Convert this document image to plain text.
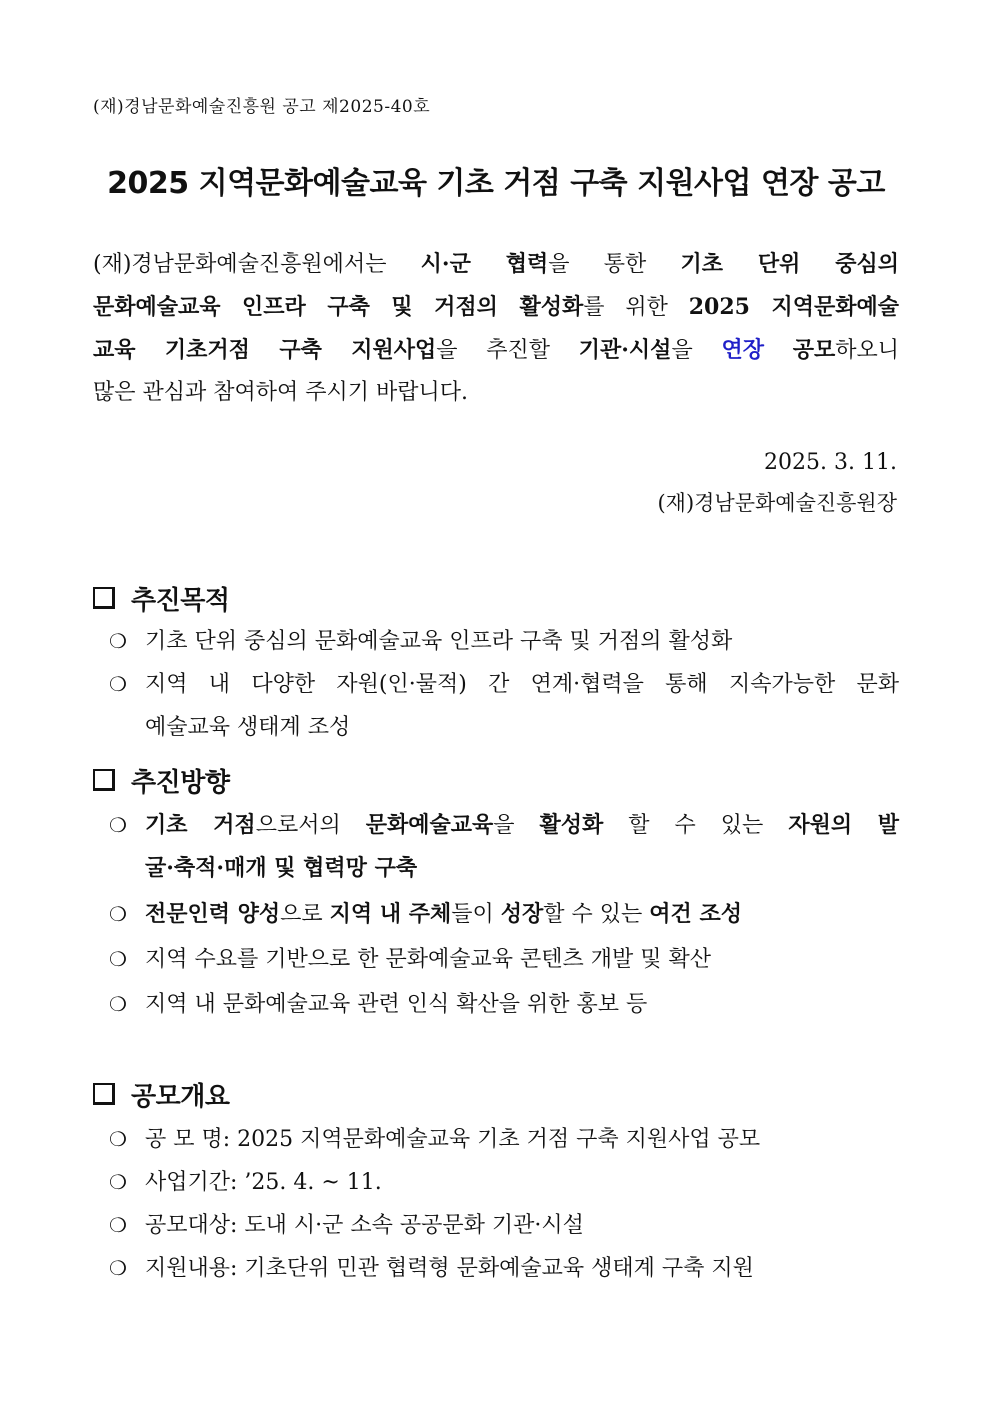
(재)경남문화예술진흥원 공고 제2025-40호
2025 지역문화예술교육 기초 거점 구축 지원사업 연장 공고
(재)경남문화예술진흥원에서는 시·군 협력을 통한 기초 단위 중심의
문화예술교육 인프라 구축 및 거점의 활성화를 위한 2025 지역문화예술
교육 기초거점 구축 지원사업을 추진할 기관·시설을 연장 공모하오니
많은 관심과 참여하여 주시기 바랍니다.
2025. 3. 11.
(재)경남문화예술진흥원장
추진목적
❍ 기초 단위 중심의 문화예술교육 인프라 구축 및 거점의 활성화
❍ 지역 내 다양한 자원(인·물적) 간 연계·협력을 통해 지속가능한 문화
예술교육 생태계 조성
추진방향
❍ 기초 거점으로서의 문화예술교육을 활성화 할 수 있는 자원의 발
굴·축적·매개 및 협력망 구축
❍ 전문인력 양성으로 지역 내 주체들이 성장할 수 있는 여건 조성
❍ 지역 수요를 기반으로 한 문화예술교육 콘텐츠 개발 및 확산
❍ 지역 내 문화예술교육 관련 인식 확산을 위한 홍보 등
공모개요
❍ 공 모 명: 2025 지역문화예술교육 기초 거점 구축 지원사업 공모
❍ 사업기간: ’25. 4. ~ 11.
❍ 공모대상: 도내 시·군 소속 공공문화 기관·시설
❍ 지원내용: 기초단위 민관 협력형 문화예술교육 생태계 구축 지원
